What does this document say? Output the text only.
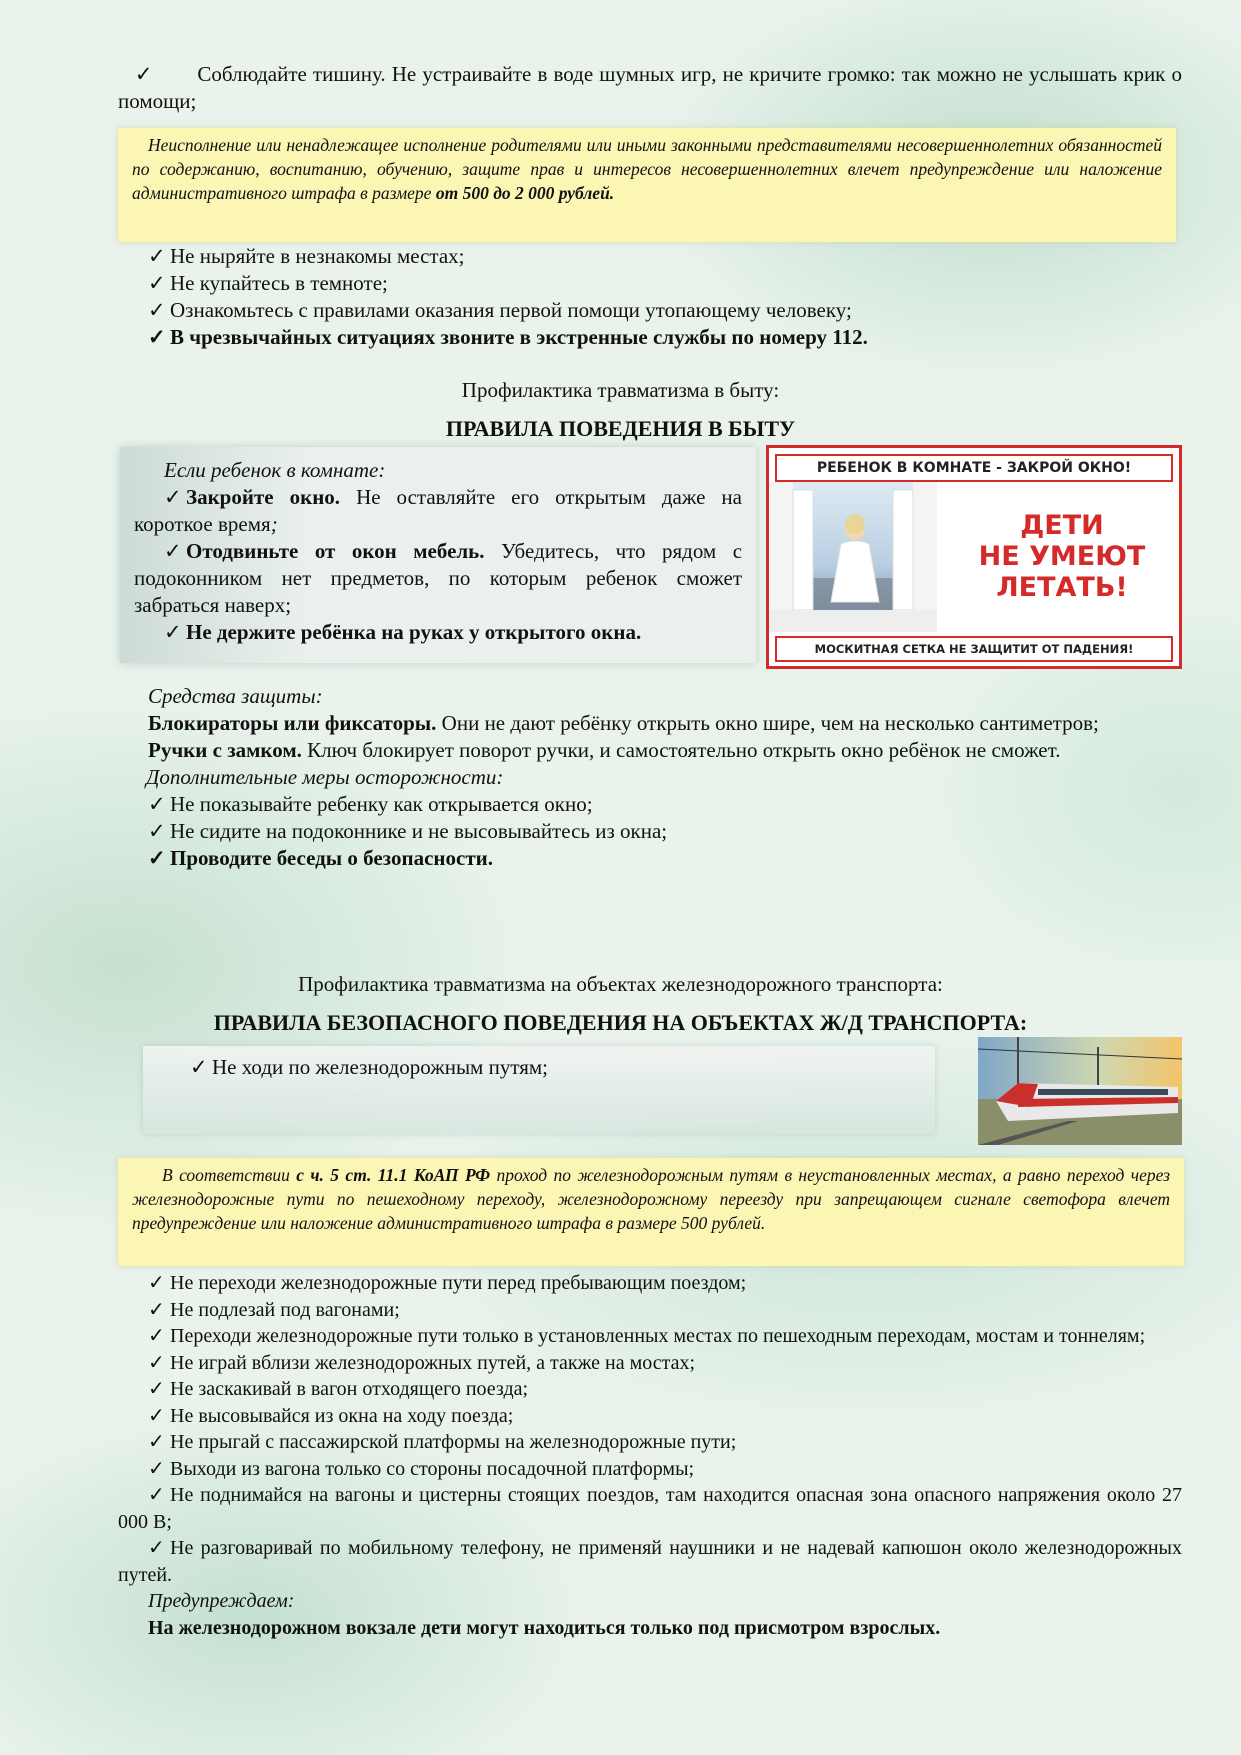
✓ Соблюдайте тишину. Не устраивайте в воде шумных игр, не кричите громко: так можно не услышать крик о помощи;
Неисполнение или ненадлежащее исполнение родителями или иными законными представителями несовершеннолетних обязанностей по содержанию, воспитанию, обучению, защите прав и интересов несовершеннолетних влечет предупреждение или наложение административного штрафа в размере от 500 до 2 000 рублей.
✓ Не ныряйте в незнакомы местах;
✓ Не купайтесь в темноте;
✓ Ознакомьтесь с правилами оказания первой помощи утопающему человеку;
✓ В чрезвычайных ситуациях звоните в экстренные службы по номеру 112.
Профилактика травматизма в быту:
ПРАВИЛА ПОВЕДЕНИЯ В БЫТУ
Если ребенок в комнате:
✓ Закройте окно. Не оставляйте его открытым даже на короткое время;
✓ Отодвиньте от окон мебель. Убедитесь, что рядом с подоконником нет предметов, по которым ребенок сможет забраться наверх;
✓ Не держите ребёнка на руках у открытого окна.
РЕБЕНОК В КОМНАТЕ - ЗАКРОЙ ОКНО!
ДЕТИ
НЕ УМЕЮТ
ЛЕТАТЬ!
МОСКИТНАЯ СЕТКА НЕ ЗАЩИТИТ ОТ ПАДЕНИЯ!
Средства защиты:
Блокираторы или фиксаторы. Они не дают ребёнку открыть окно шире, чем на несколько сантиметров;
Ручки с замком. Ключ блокирует поворот ручки, и самостоятельно открыть окно ребёнок не сможет.
Дополнительные меры осторожности:
✓ Не показывайте ребенку как открывается окно;
✓ Не сидите на подоконнике и не высовывайтесь из окна;
✓ Проводите беседы о безопасности.
Профилактика травматизма на объектах железнодорожного транспорта:
ПРАВИЛА БЕЗОПАСНОГО ПОВЕДЕНИЯ НА ОБЪЕКТАХ Ж/Д ТРАНСПОРТА:
✓ Не ходи по железнодорожным путям;
В соответствии с ч. 5 ст. 11.1 КоАП РФ проход по железнодорожным путям в неустановленных местах, а равно переход через железнодорожные пути по пешеходному переходу, железнодорожному переезду при запрещающем сигнале светофора влечет предупреждение или наложение административного штрафа в размере 500 рублей.
✓ Не переходи железнодорожные пути перед пребывающим поездом;
✓ Не подлезай под вагонами;
✓ Переходи железнодорожные пути только в установленных местах по пешеходным переходам, мостам и тоннелям;
✓ Не играй вблизи железнодорожных путей, а также на мостах;
✓ Не заскакивай в вагон отходящего поезда;
✓ Не высовывайся из окна на ходу поезда;
✓ Не прыгай с пассажирской платформы на железнодорожные пути;
✓ Выходи из вагона только со стороны посадочной платформы;
✓ Не поднимайся на вагоны и цистерны стоящих поездов, там находится опасная зона опасного напряжения около 27 000 В;
✓ Не разговаривай по мобильному телефону, не применяй наушники и не надевай капюшон около железнодорожных путей.
Предупреждаем:
На железнодорожном вокзале дети могут находиться только под присмотром взрослых.
